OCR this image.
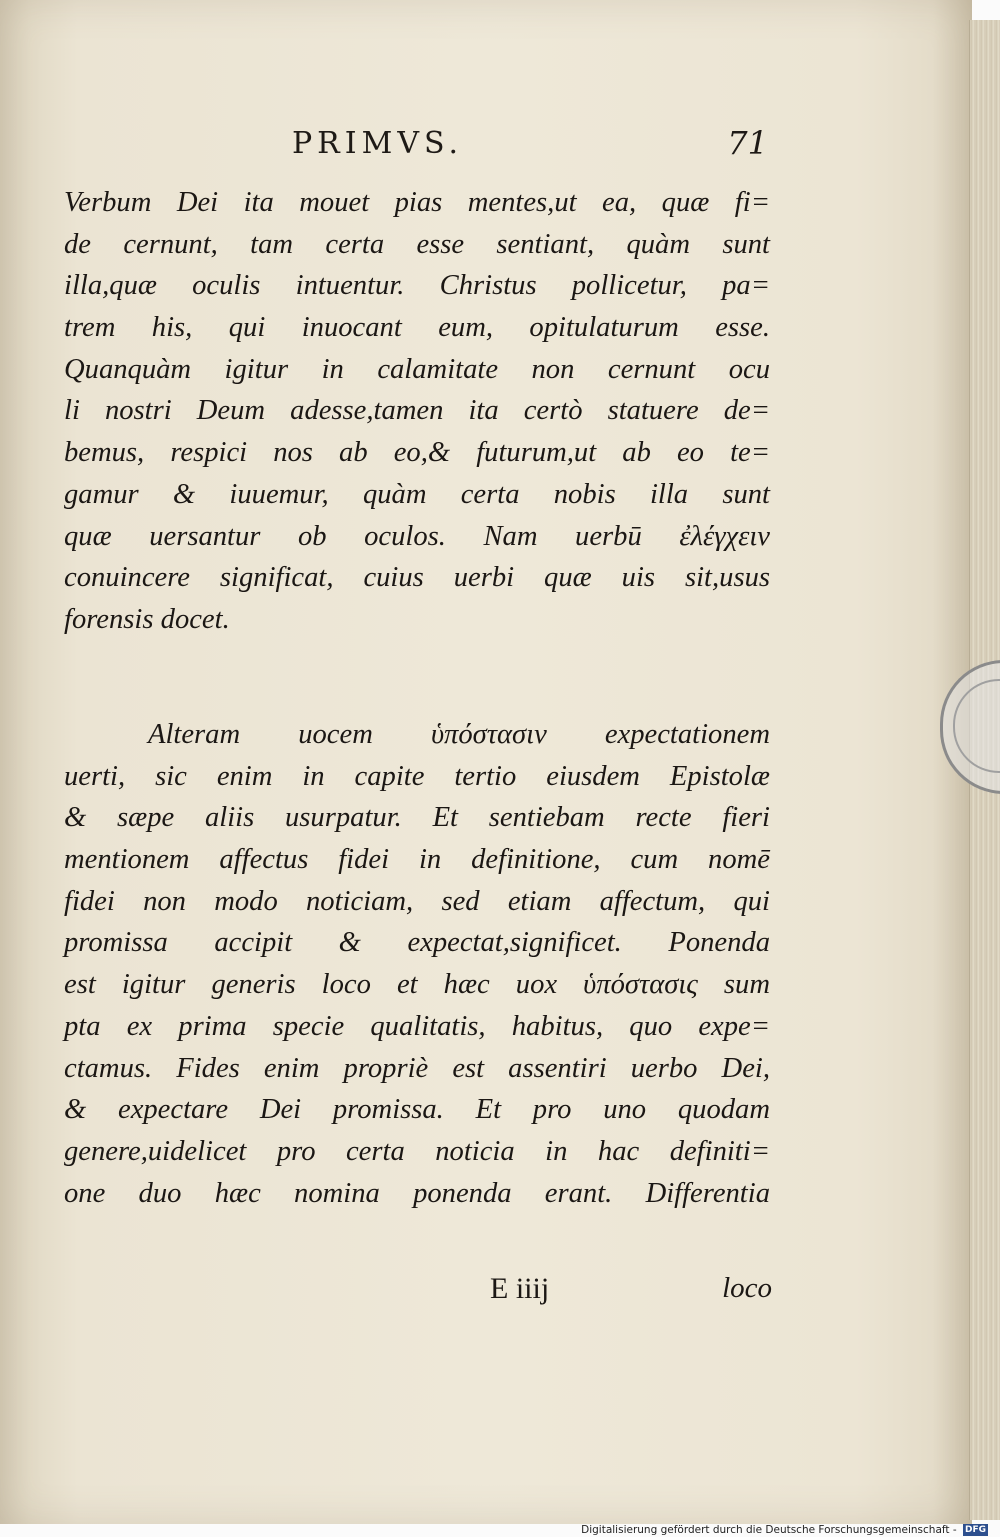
PRIMVS.	71
Verbum Dei ita mouet pias mentes,ut ea, quæ fi=
de cernunt, tam certa esse sentiant, quàm sunt
illa,quæ oculis intuentur. Christus pollicetur, pa=
trem his, qui inuocant eum, opitulaturum esse.
Quanquàm igitur in calamitate non cernunt ocu
li nostri Deum adesse,tamen ita certò statuere de=
bemus, respici nos ab eo,& futurum,ut ab eo te=
gamur & iuuemur, quàm certa nobis illa sunt
quæ uersantur ob oculos. Nam uerbū ἐλέγχειν
conuincere significat, cuius uerbi quæ uis sit,usus
forensis docet.
Alteram uocem ὑπόστασιν expectationem
uerti, sic enim in capite tertio eiusdem Epistolæ
& sæpe aliis usurpatur. Et sentiebam recte fieri
mentionem affectus fidei in definitione, cum nomē
fidei non modo noticiam, sed etiam affectum, qui
promissa accipit & expectat,significet. Ponenda
est igitur generis loco et hæc uox ὑπόστασις sum
pta ex prima specie qualitatis, habitus, quo expe=
ctamus. Fides enim propriè est assentiri uerbo Dei,
& expectare Dei promissa. Et pro uno quodam
genere,uidelicet pro certa noticia in hac definiti=
one duo hæc nomina ponenda erant. Differentia
E iiij	loco
Digitalisierung gefördert durch die Deutsche Forschungsgemeinschaft - DFG
